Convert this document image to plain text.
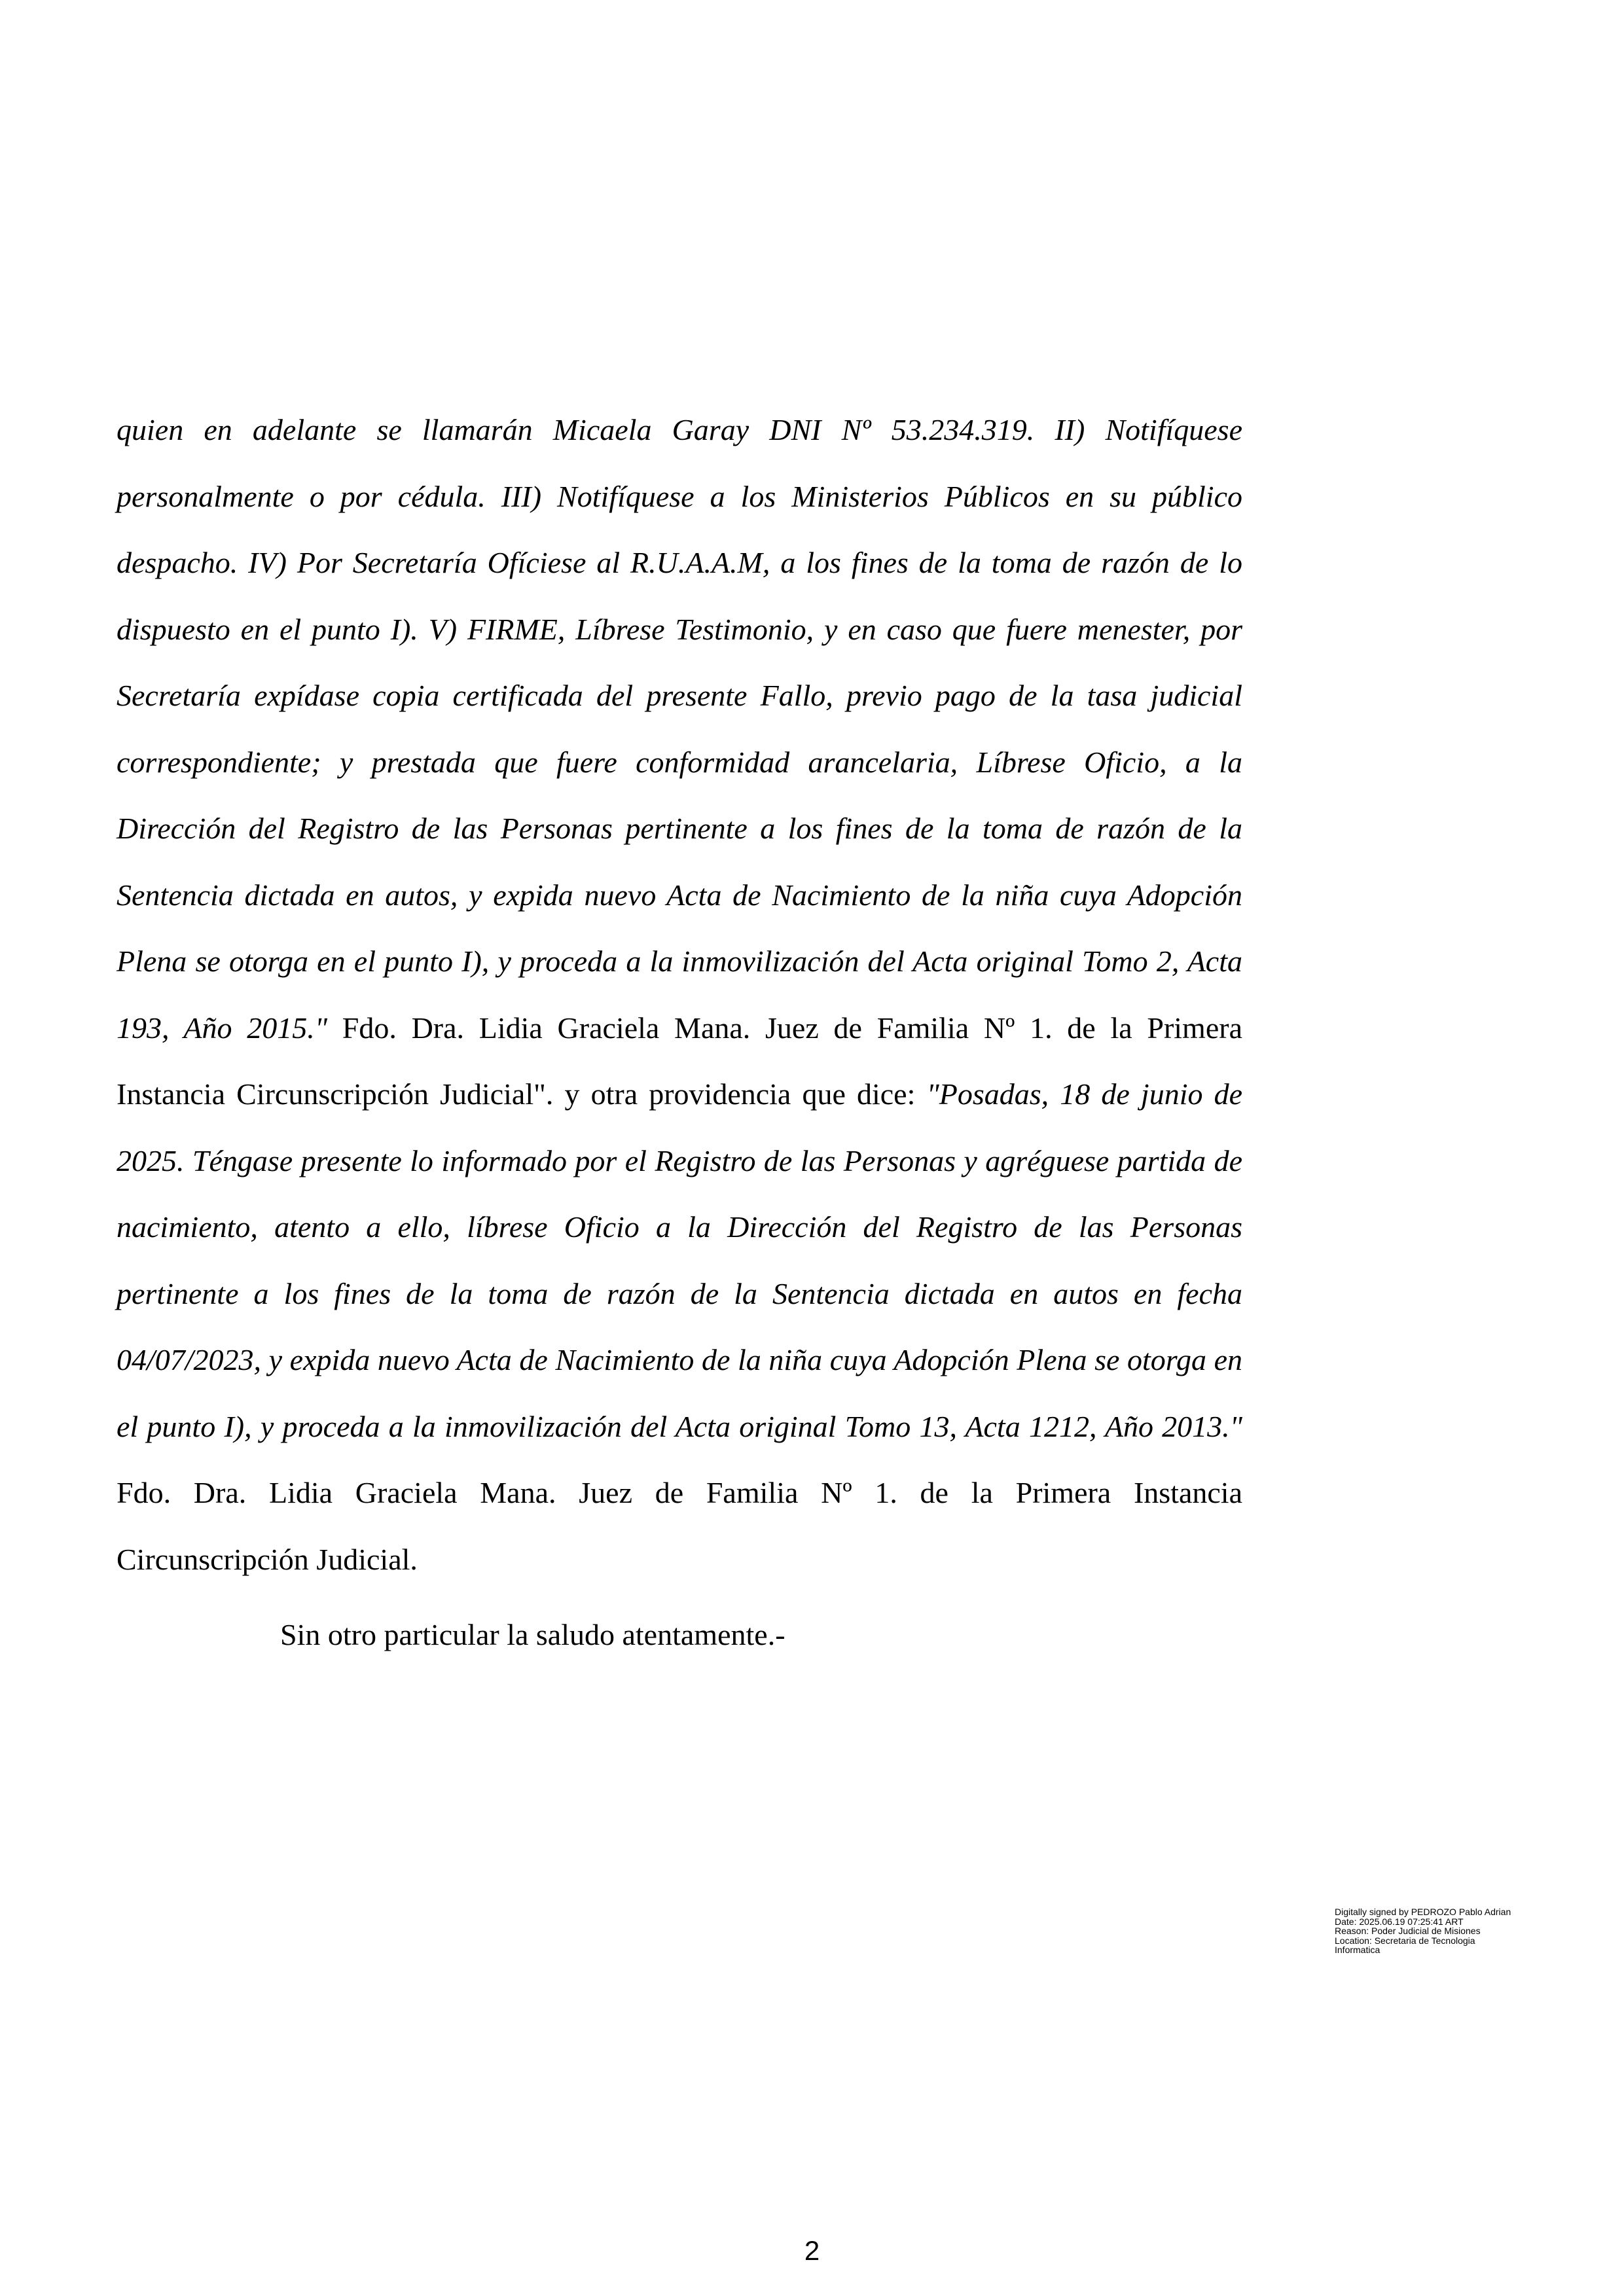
quien en adelante se llamarán Micaela Garay DNI Nº 53.234.319. II) Notifíquese personalmente o por cédula. III) Notifíquese a los Ministerios Públicos en su público despacho. IV) Por Secretaría Ofíciese al R.U.A.A.M, a los fines de la toma de razón de lo dispuesto en el punto I). V) FIRME, Líbrese Testimonio, y en caso que fuere menester, por Secretaría expídase copia certificada del presente Fallo, previo pago de la tasa judicial correspondiente; y prestada que fuere conformidad arancelaria, Líbrese Oficio, a la Dirección del Registro de las Personas pertinente a los fines de la toma de razón de la Sentencia dictada en autos, y expida nuevo Acta de Nacimiento de la niña cuya Adopción Plena se otorga en el punto I), y proceda a la inmovilización del Acta original Tomo 2, Acta 193, Año 2015." Fdo. Dra. Lidia Graciela Mana. Juez de Familia Nº 1. de la Primera Instancia Circunscripción Judicial". y otra providencia que dice: "Posadas, 18 de junio de 2025. Téngase presente lo informado por el Registro de las Personas y agréguese partida de nacimiento, atento a ello, líbrese Oficio a la Dirección del Registro de las Personas pertinente a los fines de la toma de razón de la Sentencia dictada en autos en fecha 04/07/2023, y expida nuevo Acta de Nacimiento de la niña cuya Adopción Plena se otorga en el punto I), y proceda a la inmovilización del Acta original Tomo 13, Acta 1212, Año 2013." Fdo. Dra. Lidia Graciela Mana. Juez de Familia Nº 1. de la Primera Instancia Circunscripción Judicial.
Sin otro particular la saludo atentamente.-
Digitally signed by PEDROZO Pablo Adrian
Date: 2025.06.19 07:25:41 ART
Reason: Poder Judicial de Misiones
Location: Secretaria de Tecnologia
Informatica
2
